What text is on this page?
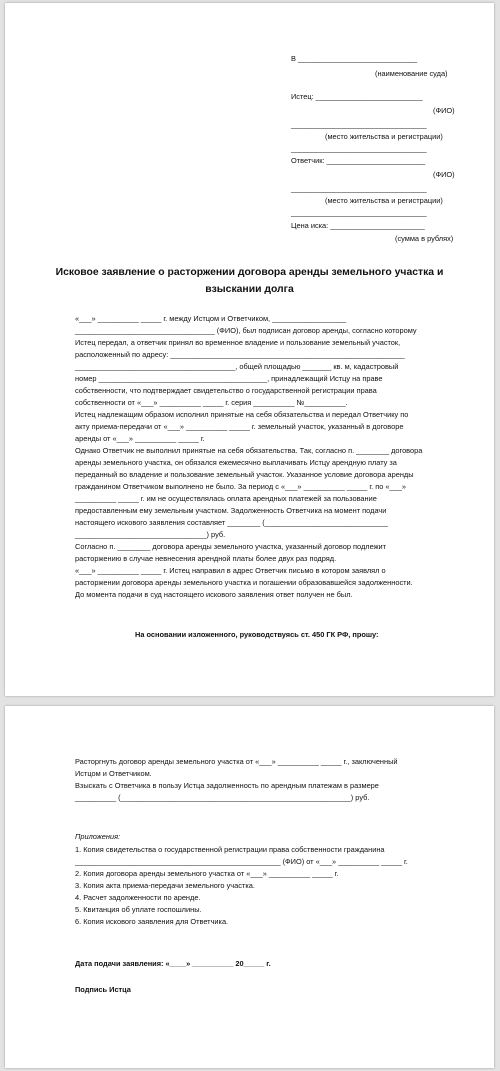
В _____________________________
(наименование суда)
Истец: __________________________
(ФИО)
_________________________________
(место жительства и регистрации)
_________________________________
Ответчик: ________________________
(ФИО)
_________________________________
(место жительства и регистрации)
_________________________________
Цена иска: _______________________
(сумма в рублях)
Исковое заявление о расторжении договора аренды земельного участка и
взыскании долга
«___» __________ _____ г. между Истцом и Ответчиком, __________________
__________________________________ (ФИО), был подписан договор аренды, согласно которому
Истец передал, а ответчик принял во временное владение и пользование земельный участок,
расположенный по адресу: _________________________________________________________
_______________________________________, общей площадью _______ кв. м, кадастровый
номер _________________________________________, принадлежащий Истцу на праве
собственности, что подтверждает свидетельство о государственной регистрации права
собственности от «___» __________ _____ г. серия __________ №__________.
Истец надлежащим образом исполнил принятые на себя обязательства и передал Ответчику по
акту приема-передачи от «___» __________ _____ г. земельный участок, указанный в договоре
аренды от «___» __________ _____ г.
Однако Ответчик не выполнил принятые на себя обязательства. Так, согласно п. ________ договора
аренды земельного участка, он обязался ежемесячно выплачивать Истцу арендную плату за
переданный во владение и пользование земельный участок. Указанное условие договора аренды
гражданином Ответчиком выполнено не было. За период с «___» __________ _____ г. по «___»
__________ _____ г. им не осуществлялась оплата арендных платежей за пользование
предоставленным ему земельным участком. Задолженность Ответчика на момент подачи
настоящего искового заявления составляет ________ (______________________________
________________________________) руб.
Согласно п. ________ договора аренды земельного участка, указанный договор подлежит
расторжению в случае невнесения арендной платы более двух раз подряд.
«___» __________ _____ г. Истец направил в адрес Ответчик письмо в котором заявлял о
расторжении договора аренды земельного участка и погашении образовавшейся задолженности.
До момента подачи в суд настоящего искового заявления ответ получен не был.
На основании изложенного, руководствуясь ст. 450 ГК РФ, прошу:
Расторгнуть договор аренды земельного участка от «___» __________ _____ г., заключенный
Истцом и Ответчиком.
Взыскать с Ответчика в пользу Истца задолженность по арендным платежам в размере
__________ (________________________________________________________) руб.
Приложения:
1. Копия свидетельства о государственной регистрации права собственности гражданина
__________________________________________________ (ФИО) от «___» __________ _____ г.
2. Копия договора аренды земельного участка от «___» __________ _____ г.
3. Копия акта приема-передачи земельного участка.
4. Расчет задолженности по аренде.
5. Квитанция об уплате госпошлины.
6. Копия искового заявления для Ответчика.
Дата подачи заявления: «____» __________ 20_____ г.
Подпись Истца
